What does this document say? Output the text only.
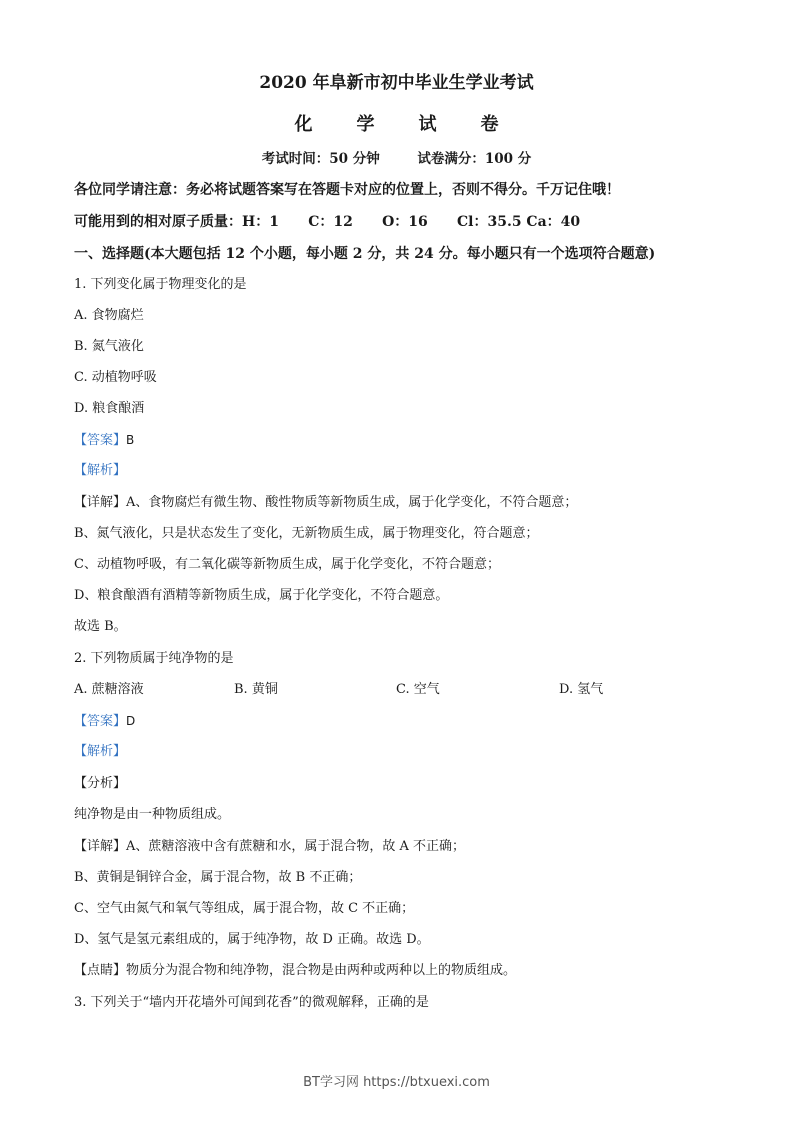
2020 年阜新市初中毕业生学业考试
化学试卷
考试时间：50 分钟        试卷满分：100 分
各位同学请注意：务必将试题答案写在答题卡对应的位置上，否则不得分。千万记住哦！
可能用到的相对原子质量：H：1      C：12      O：16      Cl：35.5 Ca：40
一、选择题(本大题包括 12 个小题，每小题 2 分，共 24 分。每小题只有一个选项符合题意)
1. 下列变化属于物理变化的是
A. 食物腐烂
B. 氮气液化
C. 动植物呼吸
D. 粮食酿酒
【答案】B
【解析】
【详解】A、食物腐烂有微生物、酸性物质等新物质生成，属于化学变化，不符合题意；
B、氮气液化，只是状态发生了变化，无新物质生成，属于物理变化，符合题意；
C、动植物呼吸，有二氧化碳等新物质生成，属于化学变化，不符合题意；
D、粮食酿酒有酒精等新物质生成，属于化学变化，不符合题意。
故选 B。
2. 下列物质属于纯净物的是
A. 蔗糖溶液	B. 黄铜	C. 空气	D. 氢气
【答案】D
【解析】
【分析】
纯净物是由一种物质组成。
【详解】A、蔗糖溶液中含有蔗糖和水，属于混合物，故 A 不正确；
B、黄铜是铜锌合金，属于混合物，故 B 不正确；
C、空气由氮气和氧气等组成，属于混合物，故 C 不正确；
D、氢气是氢元素组成的，属于纯净物，故 D 正确。故选 D。
【点睛】物质分为混合物和纯净物，混合物是由两种或两种以上的物质组成。
3. 下列关于“墙内开花墙外可闻到花香”的微观解释，正确的是
BT学习网 https://btxuexi.com
